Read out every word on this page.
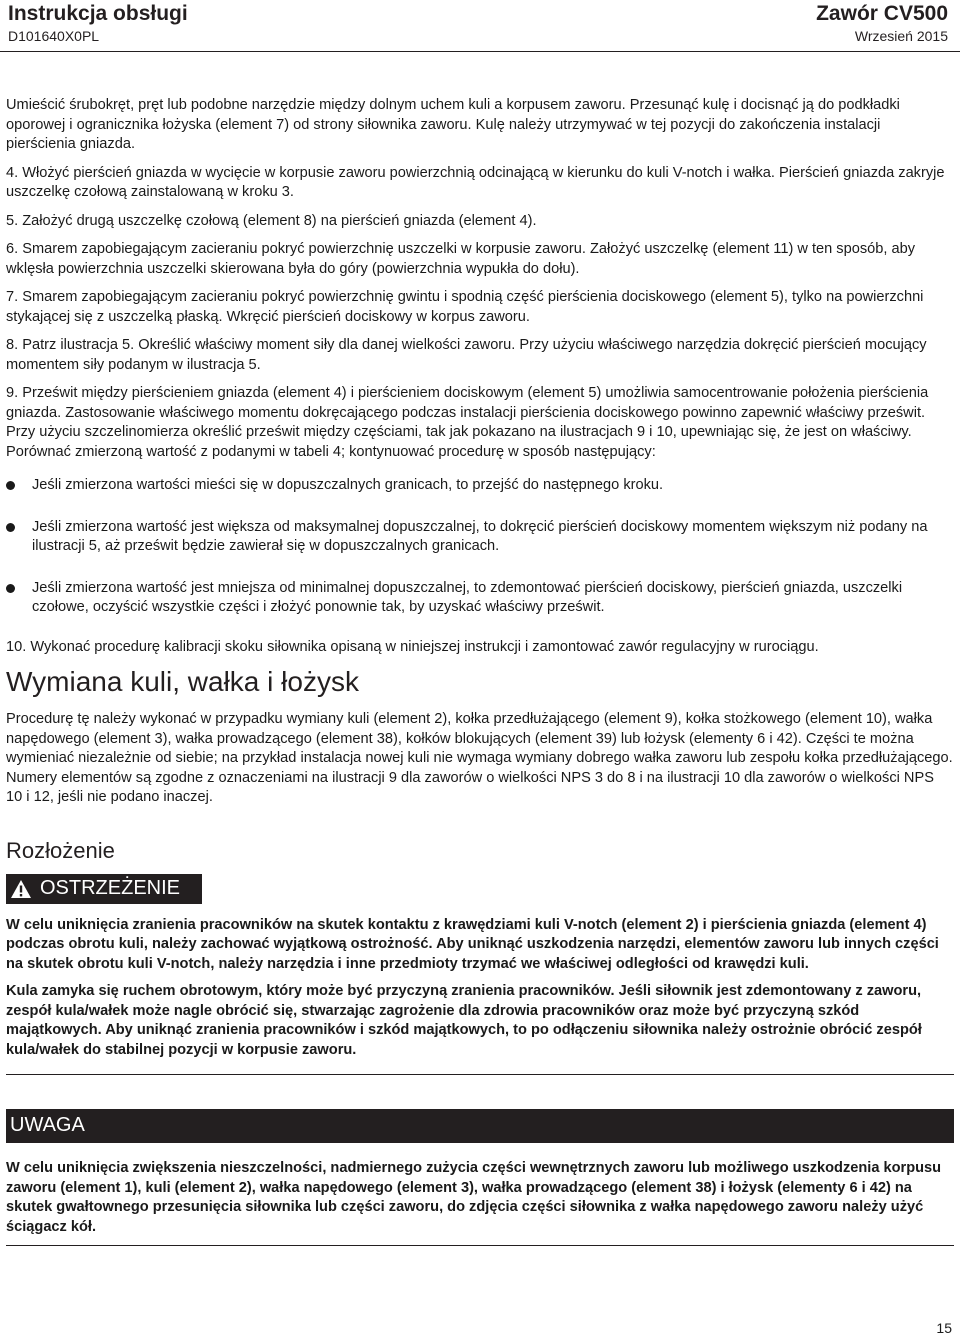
Instrukcja obsługi
D101640X0PL
Zawór CV500
Wrzesień 2015

Umieścić śrubokręt, pręt lub podobne narzędzie między dolnym uchem kuli a korpusem zaworu. Przesunąć kulę i docisnąć ją do podkładki oporowej i ogranicznika łożyska (element 7) od strony siłownika zaworu. Kulę należy utrzymywać w tej pozycji do zakończenia instalacji pierścienia gniazda.

4. Włożyć pierścień gniazda w wycięcie w korpusie zaworu powierzchnią odcinającą w kierunku do kuli V-notch i wałka. Pierścień gniazda zakryje uszczelkę czołową zainstalowaną w kroku 3.

5. Założyć drugą uszczelkę czołową (element 8) na pierścień gniazda (element 4).

6. Smarem zapobiegającym zacieraniu pokryć powierzchnię uszczelki w korpusie zaworu. Założyć uszczelkę (element 11) w ten sposób, aby wklęsła powierzchnia uszczelki skierowana była do góry (powierzchnia wypukła do dołu).

7. Smarem zapobiegającym zacieraniu pokryć powierzchnię gwintu i spodnią część pierścienia dociskowego (element 5), tylko na powierzchni stykającej się z uszczelką płaską. Wkręcić pierścień dociskowy w korpus zaworu.

8. Patrz ilustracja 5. Określić właściwy moment siły dla danej wielkości zaworu. Przy użyciu właściwego narzędzia dokręcić pierścień mocujący momentem siły podanym w ilustracja 5.

9. Prześwit między pierścieniem gniazda (element 4) i pierścieniem dociskowym (element 5) umożliwia samocentrowanie położenia pierścienia gniazda. Zastosowanie właściwego momentu dokręcającego podczas instalacji pierścienia dociskowego powinno zapewnić właściwy prześwit. Przy użyciu szczelinomierza określić prześwit między częściami, tak jak pokazano na ilustracjach 9 i 10, upewniając się, że jest on właściwy. Porównać zmierzoną wartość z podanymi w tabeli 4; kontynuować procedurę w sposób następujący:

Jeśli zmierzona wartości mieści się w dopuszczalnych granicach, to przejść do następnego kroku.
Jeśli zmierzona wartość jest większa od maksymalnej dopuszczalnej, to dokręcić pierścień dociskowy momentem większym niż podany na ilustracji 5, aż prześwit będzie zawierał się w dopuszczalnych granicach.
Jeśli zmierzona wartość jest mniejsza od minimalnej dopuszczalnej, to zdemontować pierścień dociskowy, pierścień gniazda, uszczelki czołowe, oczyścić wszystkie części i złożyć ponownie tak, by uzyskać właściwy prześwit.

10. Wykonać procedurę kalibracji skoku siłownika opisaną w niniejszej instrukcji i zamontować zawór regulacyjny w rurociągu.

Wymiana kuli, wałka i łożysk

Procedurę tę należy wykonać w przypadku wymiany kuli (element 2), kołka przedłużającego (element 9), kołka stożkowego (element 10), wałka napędowego (element 3), wałka prowadzącego (element 38), kołków blokujących (element 39) lub łożysk (elementy 6 i 42). Części te można wymieniać niezależnie od siebie; na przykład instalacja nowej kuli nie wymaga wymiany dobrego wałka zaworu lub zespołu kołka przedłużającego. Numery elementów są zgodne z oznaczeniami na ilustracji 9 dla zaworów o wielkości NPS 3 do 8 i na ilustracji 10 dla zaworów o wielkości NPS 10 i 12, jeśli nie podano inaczej.

Rozłożenie
OSTRZEŻENIE

W celu uniknięcia zranienia pracowników na skutek kontaktu z krawędziami kuli V-notch (element 2) i pierścienia gniazda (element 4) podczas obrotu kuli, należy zachować wyjątkową ostrożność. Aby uniknąć uszkodzenia narzędzi, elementów zaworu lub innych części na skutek obrotu kuli V-notch, należy narzędzia i inne przedmioty trzymać we właściwej odległości od krawędzi kuli.

Kula zamyka się ruchem obrotowym, który może być przyczyną zranienia pracowników. Jeśli siłownik jest zdemontowany z zaworu, zespół kula/wałek może nagle obrócić się, stwarzając zagrożenie dla zdrowia pracowników oraz może być przyczyną szkód majątkowych. Aby uniknąć zranienia pracowników i szkód majątkowych, to po odłączeniu siłownika należy ostrożnie obrócić zespół kula/wałek do stabilnej pozycji w korpusie zaworu.

UWAGA

W celu uniknięcia zwiększenia nieszczelności, nadmiernego zużycia części wewnętrznych zaworu lub możliwego uszkodzenia korpusu zaworu (element 1), kuli (element 2), wałka napędowego (element 3), wałka prowadzącego (element 38) i łożysk (elementy 6 i 42) na skutek gwałtownego przesunięcia siłownika lub części zaworu, do zdjęcia części siłownika z wałka napędowego zaworu należy użyć ściągacz kół.

15
